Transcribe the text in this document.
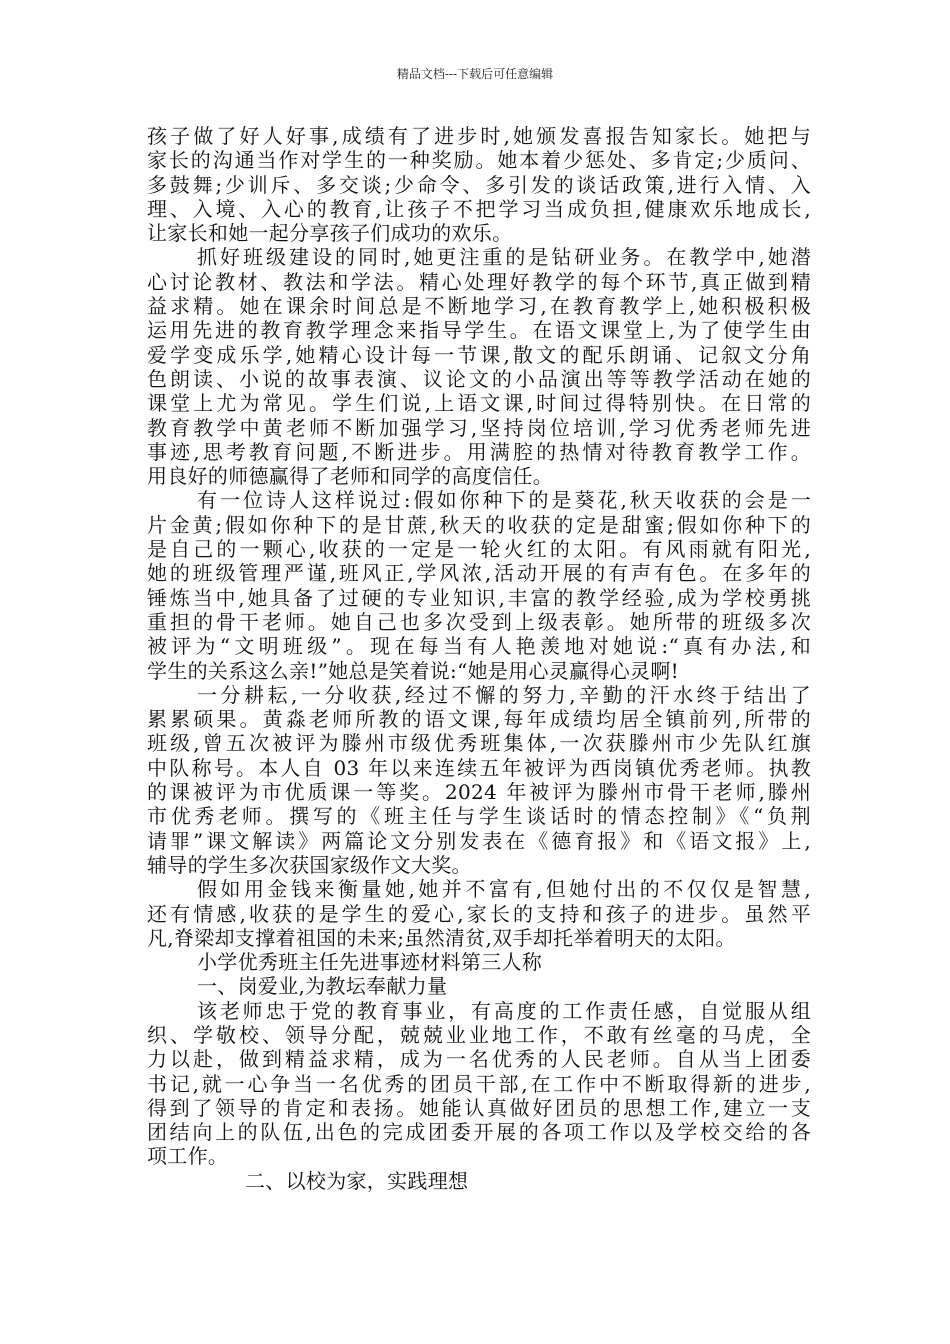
精品文档---下载后可任意编辑
孩子做了好人好事,成绩有了进步时,她颁发喜报告知家长。她把与
家长的沟通当作对学生的一种奖励。她本着少惩处、多肯定;少质问、
多鼓舞;少训斥、多交谈;少命令、多引发的谈话政策,进行入情、入
理、入境、入心的教育,让孩子不把学习当成负担,健康欢乐地成长,
让家长和她一起分享孩子们成功的欢乐。
抓好班级建设的同时,她更注重的是钻研业务。在教学中,她潜
心讨论教材、教法和学法。精心处理好教学的每个环节,真正做到精
益求精。她在课余时间总是不断地学习,在教育教学上,她积极积极
运用先进的教育教学理念来指导学生。在语文课堂上,为了使学生由
爱学变成乐学,她精心设计每一节课,散文的配乐朗诵、记叙文分角
色朗读、小说的故事表演、议论文的小品演出等等教学活动在她的
课堂上尤为常见。学生们说,上语文课,时间过得特别快。在日常的
教育教学中黄老师不断加强学习,坚持岗位培训,学习优秀老师先进
事迹,思考教育问题,不断进步。用满腔的热情对待教育教学工作。
用良好的师德赢得了老师和同学的高度信任。
有一位诗人这样说过:假如你种下的是葵花,秋天收获的会是一
片金黄;假如你种下的是甘蔗,秋天的收获的定是甜蜜;假如你种下的
是自己的一颗心,收获的一定是一轮火红的太阳。有风雨就有阳光,
她的班级管理严谨,班风正,学风浓,活动开展的有声有色。在多年的
锤炼当中,她具备了过硬的专业知识,丰富的教学经验,成为学校勇挑
重担的骨干老师。她自己也多次受到上级表彰。她所带的班级多次
被评为“文明班级”。现在每当有人艳羡地对她说:“真有办法,和
学生的关系这么亲!”她总是笑着说:“她是用心灵赢得心灵啊!
一分耕耘,一分收获,经过不懈的努力,辛勤的汗水终于结出了
累累硕果。黄淼老师所教的语文课,每年成绩均居全镇前列,所带的
班级,曾五次被评为滕州市级优秀班集体,一次获滕州市少先队红旗
中队称号。本人自 03 年以来连续五年被评为西岗镇优秀老师。执教
的课被评为市优质课一等奖。2024 年被评为滕州市骨干老师,滕州
市优秀老师。撰写的《班主任与学生谈话时的情态控制》《“负荆
请罪”课文解读》两篇论文分别发表在《德育报》和《语文报》上,
辅导的学生多次获国家级作文大奖。
假如用金钱来衡量她,她并不富有,但她付出的不仅仅是智慧,
还有情感,收获的是学生的爱心,家长的支持和孩子的进步。虽然平
凡,脊梁却支撑着祖国的未来;虽然清贫,双手却托举着明天的太阳。
小学优秀班主任先进事迹材料第三人称
一、岗爱业,为教坛奉献力量
该老师忠于党的教育事业，有高度的工作责任感，自觉服从组
织、学敬校、领导分配，兢兢业业地工作，不敢有丝毫的马虎，全
力以赴，做到精益求精，成为一名优秀的人民老师。自从当上团委
书记,就一心争当一名优秀的团员干部,在工作中不断取得新的进步,
得到了领导的肯定和表扬。她能认真做好团员的思想工作,建立一支
团结向上的队伍,出色的完成团委开展的各项工作以及学校交给的各
项工作。
二、以校为家，实践理想
